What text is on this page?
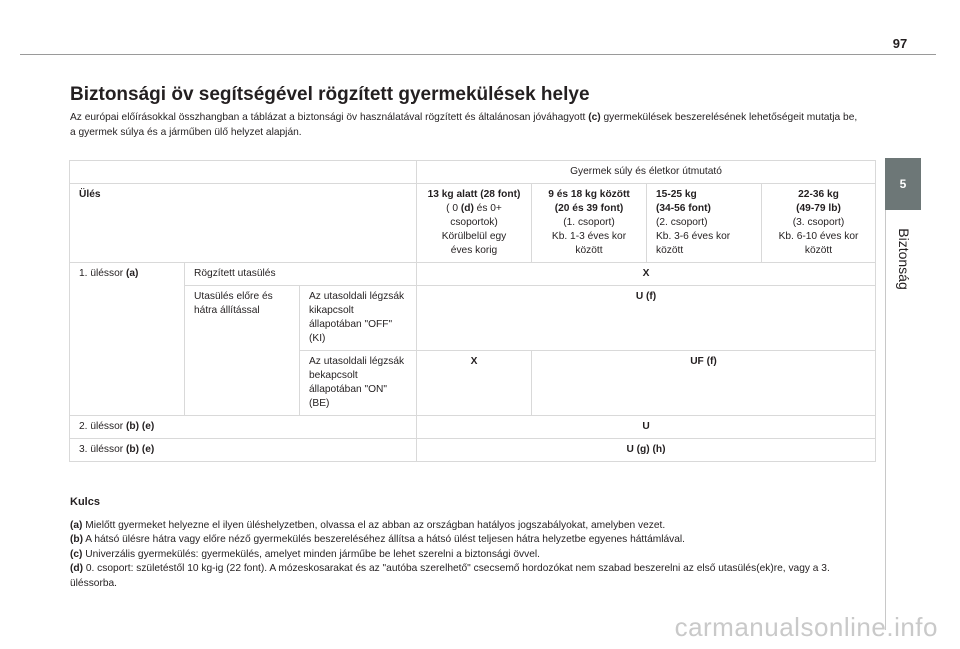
97
5
Biztonság
Biztonsági öv segítségével rögzített gyermekülések helye
Az európai előírásokkal összhangban a táblázat a biztonsági öv használatával rögzített és általánosan jóváhagyott (c) gyermekülések beszerelésének lehetőségeit mutatja be, a gyermek súlya és a járműben ülő helyzet alapján.
			Gyermek súly és életkor útmutató			
Ülés			13 kg alatt (28 font)
( 0 (d) és 0+
csoportok)
Körülbelül egy
éves korig	9 és 18 kg között
(20 és 39 font)
(1. csoport)
Kb. 1-3 éves kor
között	15-25 kg
(34-56 font)
(2. csoport)
Kb. 3-6 éves kor
között	22-36 kg
(49-79 lb)
(3. csoport)
Kb. 6-10 éves kor
között
1. üléssor (a)	Rögzített utasülés		X			
	Utasülés előre és hátra állítással	Az utasoldali légzsák kikapcsolt állapotában "OFF" (KI)	U (f)			
		Az utasoldali légzsák bekapcsolt állapotában "ON" (BE)	X	UF (f)		
2. üléssor (b) (e)			U			
3. üléssor (b) (e)			U (g) (h)			
Kulcs
(a) Mielőtt gyermeket helyezne el ilyen üléshelyzetben, olvassa el az abban az országban hatályos jogszabályokat, amelyben vezet.
(b) A hátsó ülésre hátra vagy előre néző gyermekülés beszereléséhez állítsa a hátsó ülést teljesen hátra helyzetbe egyenes háttámlával.
(c) Univerzális gyermekülés: gyermekülés, amelyet minden járműbe be lehet szerelni a biztonsági övvel.
(d) 0. csoport: születéstől 10 kg-ig (22 font). A mózeskosarakat és az "autóba szerelhető" csecsemő hordozókat nem szabad beszerelni az első utasülés(ek)re, vagy a 3. üléssorba.
carmanualsonline.info
